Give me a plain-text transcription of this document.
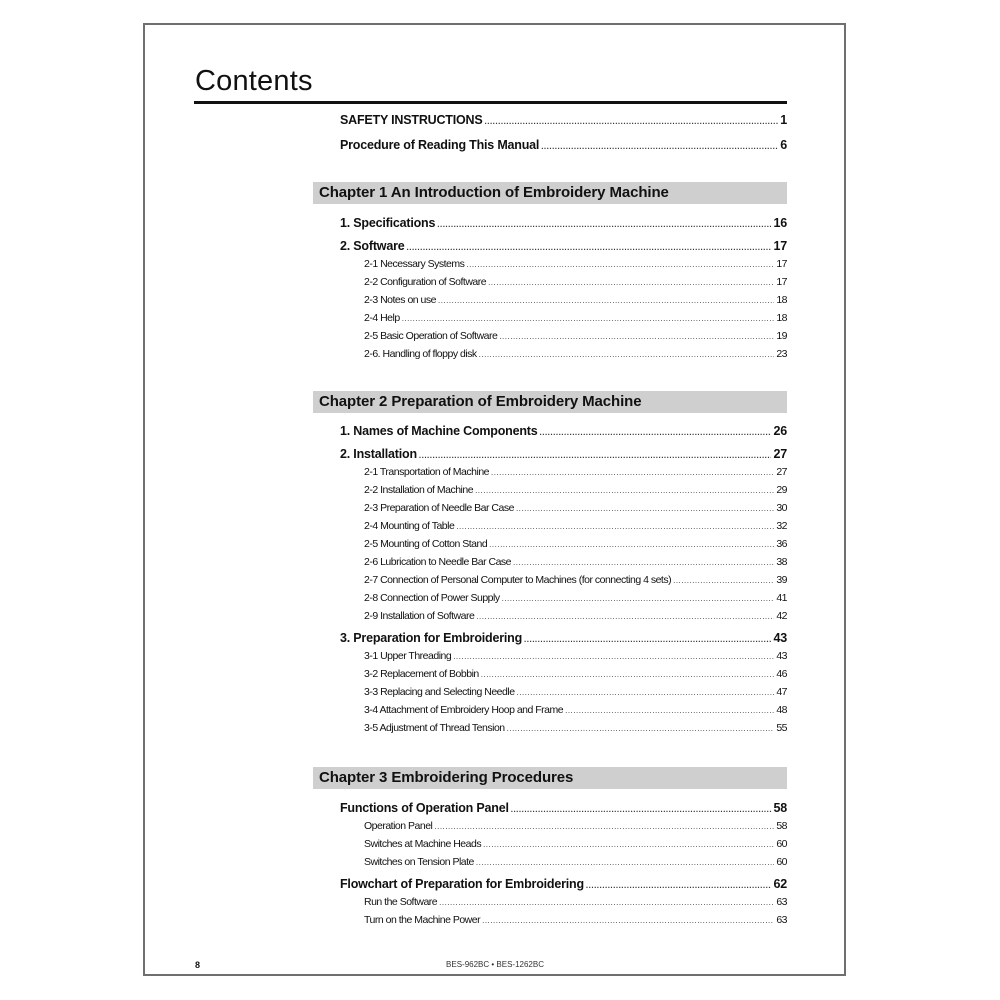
Contents
SAFETY INSTRUCTIONS .....	1
Procedure of Reading This Manual .....	6
Chapter 1 An Introduction of Embroidery Machine
1. Specifications .....	16
2. Software .....	17
2-1 Necessary Systems .....	17
2-2 Configuration of Software .....	17
2-3 Notes on use .....	18
2-4 Help .....	18
2-5 Basic Operation of Software .....	19
2-6. Handling of floppy disk .....	23
Chapter 2 Preparation of Embroidery Machine
1. Names of Machine Components .....	26
2. Installation .....	27
2-1 Transportation of Machine .....	27
2-2 Installation of Machine .....	29
2-3 Preparation of Needle Bar Case .....	30
2-4 Mounting of Table .....	32
2-5 Mounting of Cotton Stand .....	36
2-6 Lubrication to Needle Bar Case .....	38
2-7 Connection of Personal Computer to Machines (for connecting 4 sets) .....	39
2-8 Connection of Power Supply .....	41
2-9 Installation of Software .....	42
3. Preparation for Embroidering .....	43
3-1 Upper Threading .....	43
3-2 Replacement of Bobbin .....	46
3-3 Replacing and Selecting Needle .....	47
3-4 Attachment of Embroidery Hoop and Frame .....	48
3-5 Adjustment of Thread Tension .....	55
Chapter 3 Embroidering Procedures
Functions of Operation Panel .....	58
Operation Panel .....	58
Switches at Machine Heads .....	60
Switches on Tension Plate .....	60
Flowchart of Preparation for Embroidering .....	62
Run the Software .....	63
Turn on the Machine Power .....	63
8	BES-962BC • BES-1262BC
